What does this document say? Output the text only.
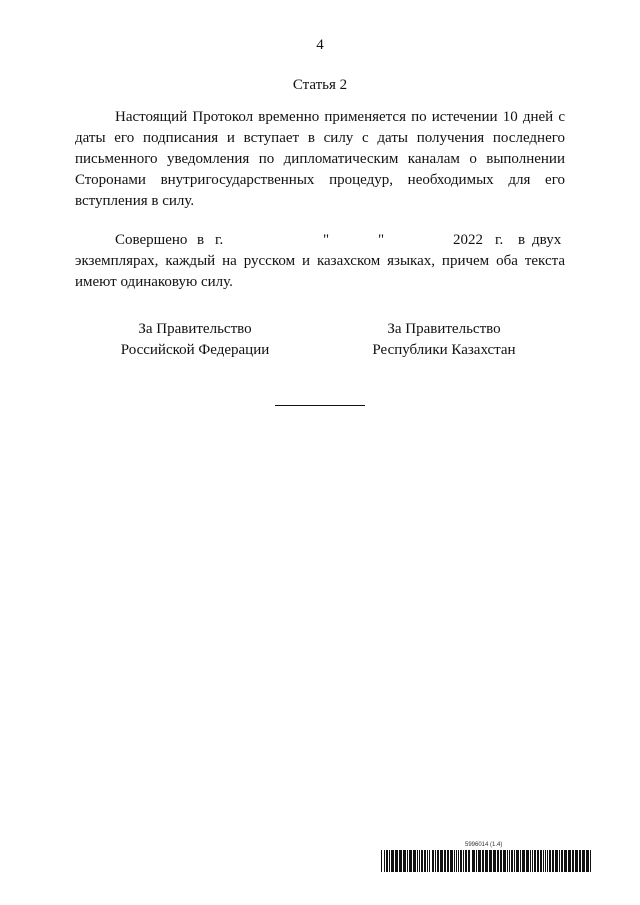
4
Статья 2

Настоящий Протокол временно применяется по истечении 10 дней с даты его подписания и вступает в силу с даты получения последнего письменного уведомления по дипломатическим каналам о выполнении Сторонами внутригосударственных процедур, необходимых для его вступления в силу.

Совершено в г.	"	"	2022 г. в двух

экземплярах, каждый на русском и казахском языках, причем оба текста имеют одинаковую силу.

За Правительство
Российской Федерации
За Правительство
Республики Казахстан
5996014 (1.4)
